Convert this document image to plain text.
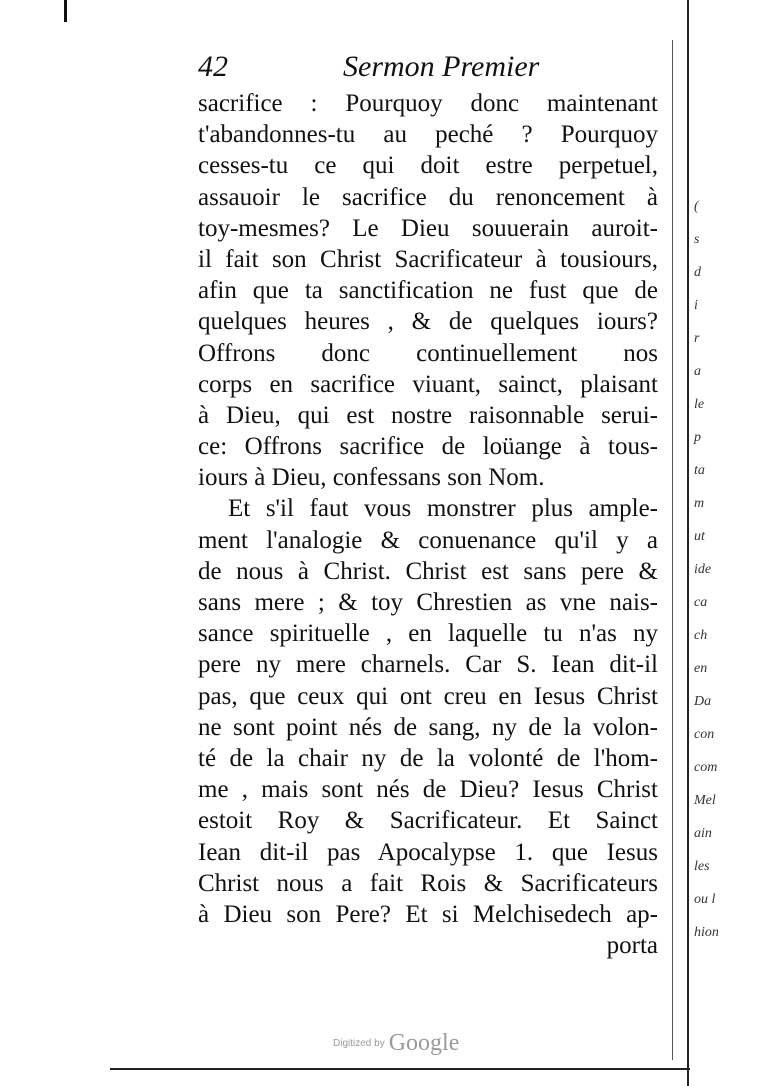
42	Sermon Premier
sacrifice : Pourquoy donc maintenant
t'abandonnes-tu au peché ? Pourquoy
cesses-tu ce qui doit estre perpetuel,
assauoir le sacrifice du renoncement à
toy-mesmes? Le Dieu souuerain auroit-
il fait son Christ Sacrificateur à tousiours,
afin que ta sanctification ne fust que de
quelques heures , & de quelques iours?
Offrons donc continuellement nos
corps en sacrifice viuant, sainct, plaisant
à Dieu, qui est nostre raisonnable serui-
ce: Offrons sacrifice de loüange à tous-
iours à Dieu, confessans son Nom.
Et s'il faut vous monstrer plus ample-
ment l'analogie & conuenance qu'il y a
de nous à Christ. Christ est sans pere &
sans mere ; & toy Chrestien as vne nais-
sance spirituelle , en laquelle tu n'as ny
pere ny mere charnels. Car S. Iean dit-il
pas, que ceux qui ont creu en Iesus Christ
ne sont point nés de sang, ny de la volon-
té de la chair ny de la volonté de l'hom-
me , mais sont nés de Dieu? Iesus Christ
estoit Roy & Sacrificateur. Et Sainct
Iean dit-il pas Apocalypse 1. que Iesus
Christ nous a fait Rois & Sacrificateurs
à Dieu son Pere? Et si Melchisedech ap-
porta
(
s
d
i
r
a
le
p
ta
m
ut
ide
ca
ch
en
Da
con
com
Mel
ain
les
ou l
hion
Digitized by Google
